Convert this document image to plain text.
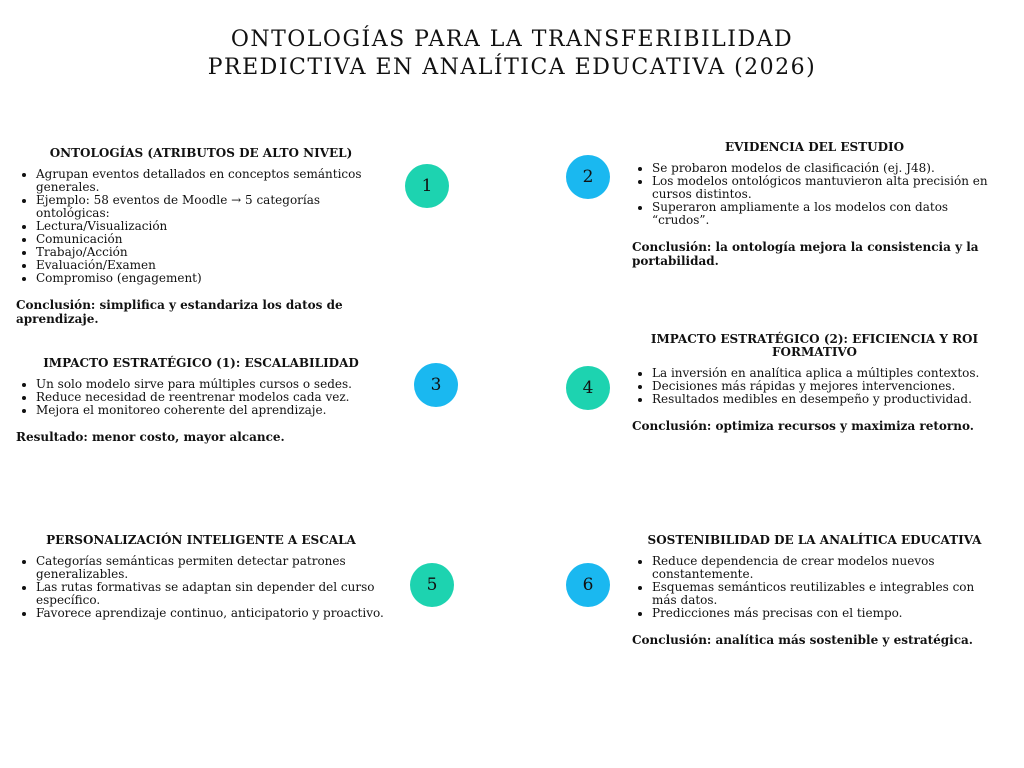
ONTOLOGÍAS PARA LA TRANSFERIBILIDAD
PREDICTIVA EN ANALÍTICA EDUCATIVA (2026)
ONTOLOGÍAS (ATRIBUTOS DE ALTO NIVEL)
• Agrupan eventos detallados en conceptos semánticos generales.
• Ejemplo: 58 eventos de Moodle → 5 categorías ontológicas:
• Lectura/Visualización
• Comunicación
• Trabajo/Acción
• Evaluación/Examen
• Compromiso (engagement)
Conclusión: simplifica y estandariza los datos de aprendizaje.
1
EVIDENCIA DEL ESTUDIO
• Se probaron modelos de clasificación (ej. J48).
• Los modelos ontológicos mantuvieron alta precisión en cursos distintos.
• Superaron ampliamente a los modelos con datos “crudos”.
Conclusión: la ontología mejora la consistencia y la portabilidad.
2
IMPACTO ESTRATÉGICO (1): ESCALABILIDAD
• Un solo modelo sirve para múltiples cursos o sedes.
• Reduce necesidad de reentrenar modelos cada vez.
• Mejora el monitoreo coherente del aprendizaje.
Resultado: menor costo, mayor alcance.
3
IMPACTO ESTRATÉGICO (2): EFICIENCIA Y ROI FORMATIVO
• La inversión en analítica aplica a múltiples contextos.
• Decisiones más rápidas y mejores intervenciones.
• Resultados medibles en desempeño y productividad.
Conclusión: optimiza recursos y maximiza retorno.
4
PERSONALIZACIÓN INTELIGENTE A ESCALA
• Categorías semánticas permiten detectar patrones generalizables.
• Las rutas formativas se adaptan sin depender del curso específico.
• Favorece aprendizaje continuo, anticipatorio y proactivo.
5
SOSTENIBILIDAD DE LA ANALÍTICA EDUCATIVA
• Reduce dependencia de crear modelos nuevos constantemente.
• Esquemas semánticos reutilizables e integrables con más datos.
• Predicciones más precisas con el tiempo.
Conclusión: analítica más sostenible y estratégica.
6
